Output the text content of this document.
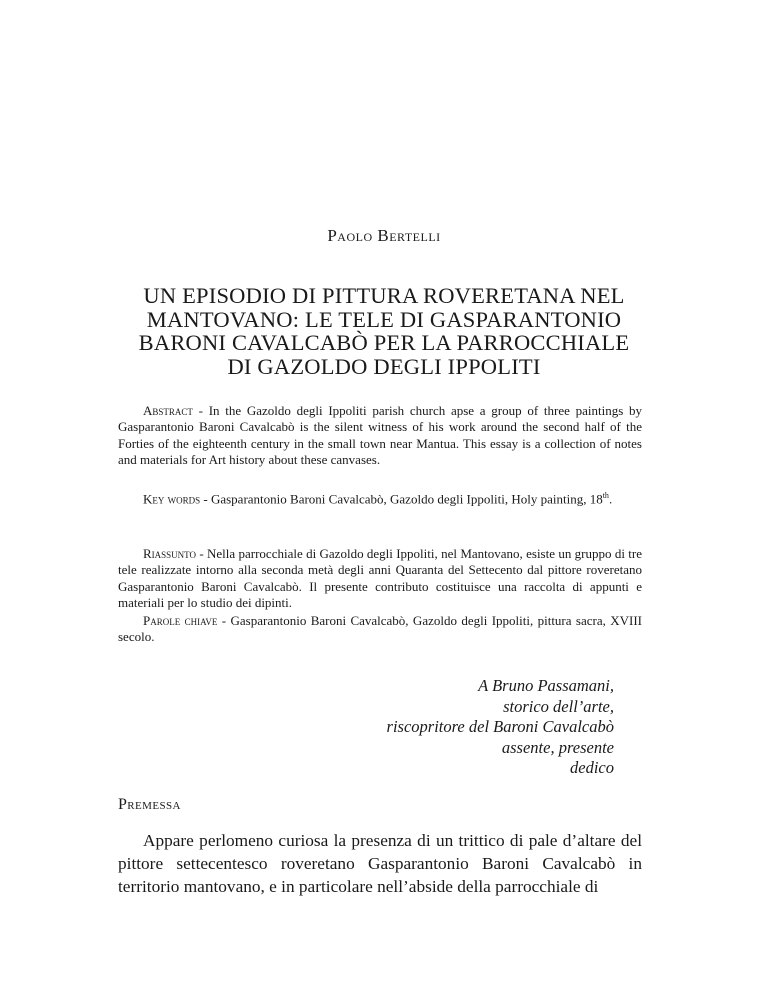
Paolo Bertelli
UN EPISODIO DI PITTURA ROVERETANA NEL
MANTOVANO: LE TELE DI GASPARANTONIO
BARONI CAVALCABÒ PER LA PARROCCHIALE
DI GAZOLDO DEGLI IPPOLITI

Abstract - In the Gazoldo degli Ippoliti parish church apse a group of three paintings by Gasparantonio Baroni Cavalcabò is the silent witness of his work around the second half of the Forties of the eighteenth century in the small town near Mantua. This essay is a collection of notes and materials for Art history about these canvases.

Key words - Gasparantonio Baroni Cavalcabò, Gazoldo degli Ippoliti, Holy painting, 18th.

Riassunto - Nella parrocchiale di Gazoldo degli Ippoliti, nel Mantovano, esiste un gruppo di tre tele realizzate intorno alla seconda metà degli anni Quaranta del Settecento dal pittore roveretano Gasparantonio Baroni Cavalcabò. Il presente contributo costituisce una raccolta di appunti e materiali per lo studio dei dipinti.

Parole chiave - Gasparantonio Baroni Cavalcabò, Gazoldo degli Ippoliti, pittura sacra, XVIII secolo.

A Bruno Passamani,
storico dell’arte,
riscopritore del Baroni Cavalcabò
assente, presente
dedico
Premessa

Appare perlomeno curiosa la presenza di un trittico di pale d’altare del pittore settecentesco roveretano Gasparantonio Baroni Cavalcabò in territorio mantovano, e in particolare nell’abside della parrocchiale di
